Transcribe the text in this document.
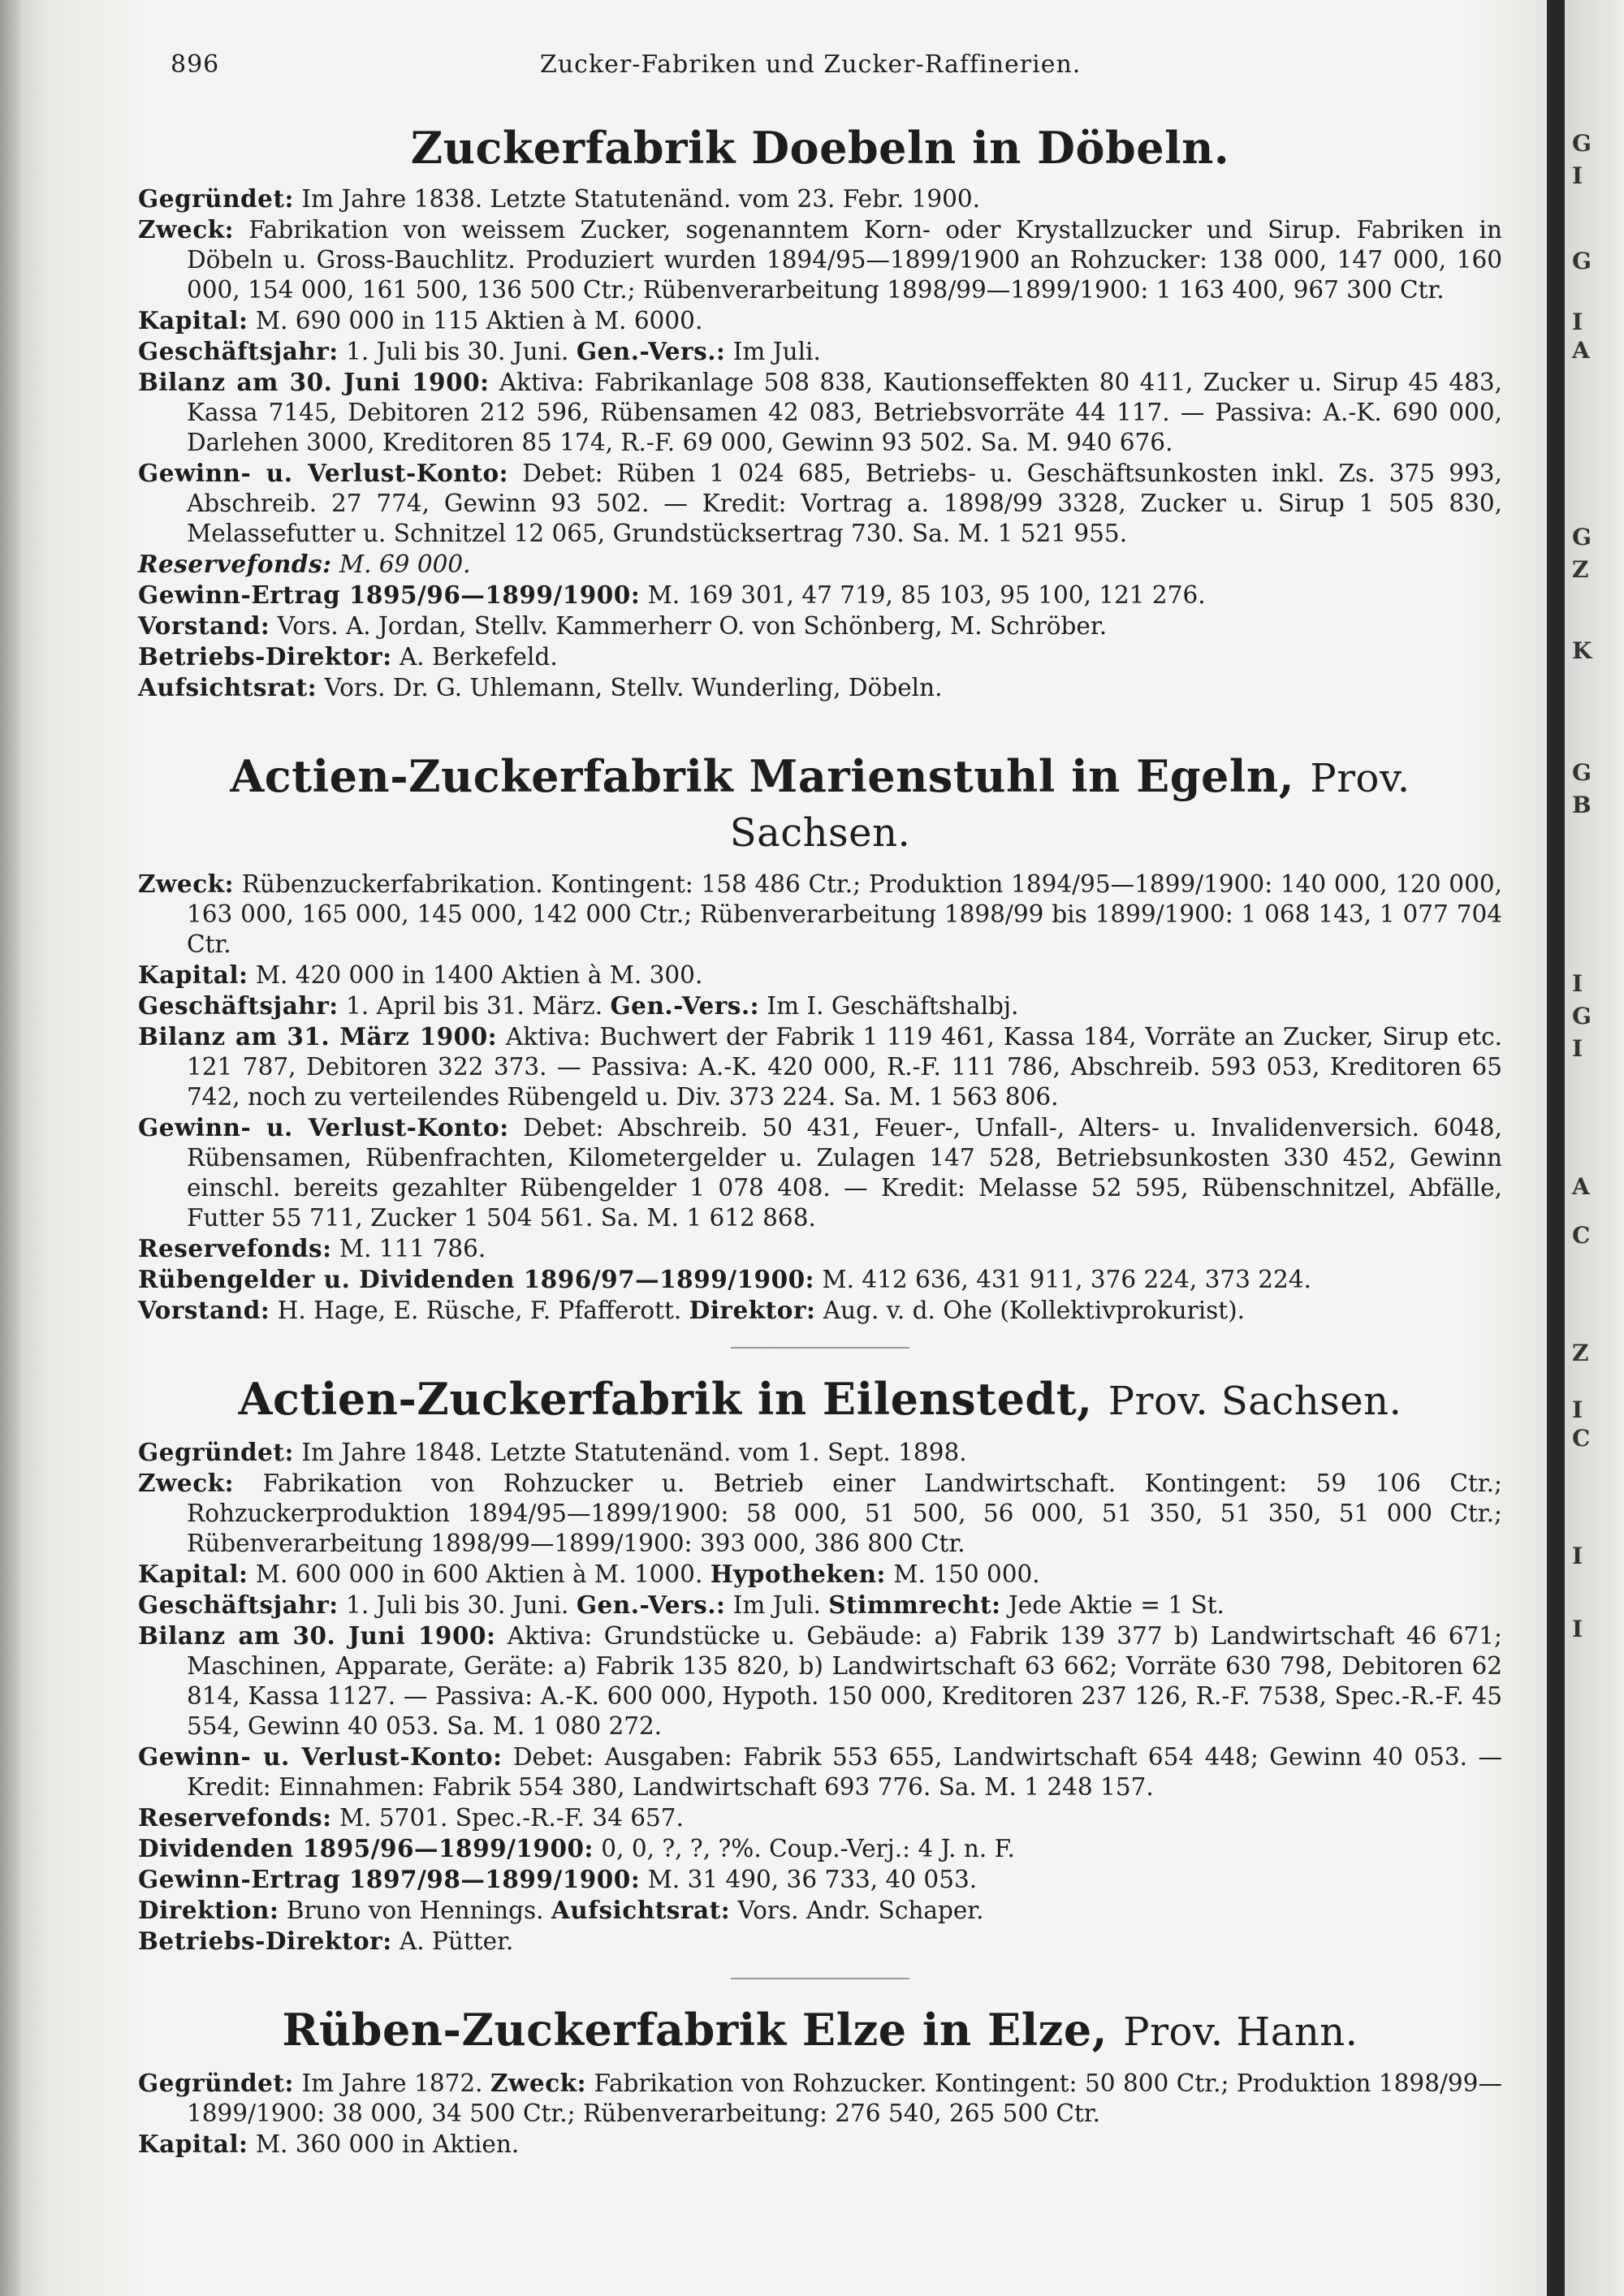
G
I
G
I
A
G
Z
K
G
B
I
G
I
A
C
Z
I
C
I
I
896	Zucker-Fabriken und Zucker-Raffinerien.
Zuckerfabrik Doebeln in Döbeln.

Gegründet: Im Jahre 1838. Letzte Statutenänd. vom 23. Febr. 1900.

Zweck: Fabrikation von weissem Zucker, sogenanntem Korn- oder Krystallzucker und Sirup. Fabriken in Döbeln u. Gross-Bauchlitz. Produziert wurden 1894/95—1899/1900 an Rohzucker: 138 000, 147 000, 160 000, 154 000, 161 500, 136 500 Ctr.; Rübenverarbeitung 1898/99—1899/1900: 1 163 400, 967 300 Ctr.

Kapital: M. 690 000 in 115 Aktien à M. 6000.

Geschäftsjahr: 1. Juli bis 30. Juni. Gen.-Vers.: Im Juli.

Bilanz am 30. Juni 1900: Aktiva: Fabrikanlage 508 838, Kautionseffekten 80 411, Zucker u. Sirup 45 483, Kassa 7145, Debitoren 212 596, Rübensamen 42 083, Betriebsvorräte 44 117. — Passiva: A.-K. 690 000, Darlehen 3000, Kreditoren 85 174, R.-F. 69 000, Gewinn 93 502. Sa. M. 940 676.

Gewinn- u. Verlust-Konto: Debet: Rüben 1 024 685, Betriebs- u. Geschäftsunkosten inkl. Zs. 375 993, Abschreib. 27 774, Gewinn 93 502. — Kredit: Vortrag a. 1898/99 3328, Zucker u. Sirup 1 505 830, Melassefutter u. Schnitzel 12 065, Grundstücksertrag 730. Sa. M. 1 521 955.

Reservefonds: M. 69 000.

Gewinn-Ertrag 1895/96—1899/1900: M. 169 301, 47 719, 85 103, 95 100, 121 276.

Vorstand: Vors. A. Jordan, Stellv. Kammerherr O. von Schönberg, M. Schröber.

Betriebs-Direktor: A. Berkefeld.

Aufsichtsrat: Vors. Dr. G. Uhlemann, Stellv. Wunderling, Döbeln.

Actien-Zuckerfabrik Marienstuhl in Egeln, Prov. Sachsen.

Zweck: Rübenzuckerfabrikation. Kontingent: 158 486 Ctr.; Produktion 1894/95—1899/1900: 140 000, 120 000, 163 000, 165 000, 145 000, 142 000 Ctr.; Rübenverarbeitung 1898/99 bis 1899/1900: 1 068 143, 1 077 704 Ctr.

Kapital: M. 420 000 in 1400 Aktien à M. 300.

Geschäftsjahr: 1. April bis 31. März. Gen.-Vers.: Im I. Geschäftshalbj.

Bilanz am 31. März 1900: Aktiva: Buchwert der Fabrik 1 119 461, Kassa 184, Vorräte an Zucker, Sirup etc. 121 787, Debitoren 322 373. — Passiva: A.-K. 420 000, R.-F. 111 786, Abschreib. 593 053, Kreditoren 65 742, noch zu verteilendes Rübengeld u. Div. 373 224. Sa. M. 1 563 806.

Gewinn- u. Verlust-Konto: Debet: Abschreib. 50 431, Feuer-, Unfall-, Alters- u. Invalidenversich. 6048, Rübensamen, Rübenfrachten, Kilometergelder u. Zulagen 147 528, Betriebsunkosten 330 452, Gewinn einschl. bereits gezahlter Rübengelder 1 078 408. — Kredit: Melasse 52 595, Rübenschnitzel, Abfälle, Futter 55 711, Zucker 1 504 561. Sa. M. 1 612 868.

Reservefonds: M. 111 786.

Rübengelder u. Dividenden 1896/97—1899/1900: M. 412 636, 431 911, 376 224, 373 224.

Vorstand: H. Hage, E. Rüsche, F. Pfafferott. Direktor: Aug. v. d. Ohe (Kollektivprokurist).

Actien-Zuckerfabrik in Eilenstedt, Prov. Sachsen.

Gegründet: Im Jahre 1848. Letzte Statutenänd. vom 1. Sept. 1898.

Zweck: Fabrikation von Rohzucker u. Betrieb einer Landwirtschaft. Kontingent: 59 106 Ctr.; Rohzuckerproduktion 1894/95—1899/1900: 58 000, 51 500, 56 000, 51 350, 51 350, 51 000 Ctr.; Rübenverarbeitung 1898/99—1899/1900: 393 000, 386 800 Ctr.

Kapital: M. 600 000 in 600 Aktien à M. 1000. Hypotheken: M. 150 000.

Geschäftsjahr: 1. Juli bis 30. Juni. Gen.-Vers.: Im Juli. Stimmrecht: Jede Aktie = 1 St.

Bilanz am 30. Juni 1900: Aktiva: Grundstücke u. Gebäude: a) Fabrik 139 377 b) Landwirtschaft 46 671; Maschinen, Apparate, Geräte: a) Fabrik 135 820, b) Landwirtschaft 63 662; Vorräte 630 798, Debitoren 62 814, Kassa 1127. — Passiva: A.-K. 600 000, Hypoth. 150 000, Kreditoren 237 126, R.-F. 7538, Spec.-R.-F. 45 554, Gewinn 40 053. Sa. M. 1 080 272.

Gewinn- u. Verlust-Konto: Debet: Ausgaben: Fabrik 553 655, Landwirtschaft 654 448; Gewinn 40 053. — Kredit: Einnahmen: Fabrik 554 380, Landwirtschaft 693 776. Sa. M. 1 248 157.

Reservefonds: M. 5701. Spec.-R.-F. 34 657.

Dividenden 1895/96—1899/1900: 0, 0, ?, ?, ?%. Coup.-Verj.: 4 J. n. F.

Gewinn-Ertrag 1897/98—1899/1900: M. 31 490, 36 733, 40 053.

Direktion: Bruno von Hennings. Aufsichtsrat: Vors. Andr. Schaper.

Betriebs-Direktor: A. Pütter.

Rüben-Zuckerfabrik Elze in Elze, Prov. Hann.

Gegründet: Im Jahre 1872. Zweck: Fabrikation von Rohzucker. Kontingent: 50 800 Ctr.; Produktion 1898/99—1899/1900: 38 000, 34 500 Ctr.; Rübenverarbeitung: 276 540, 265 500 Ctr.

Kapital: M. 360 000 in Aktien.
